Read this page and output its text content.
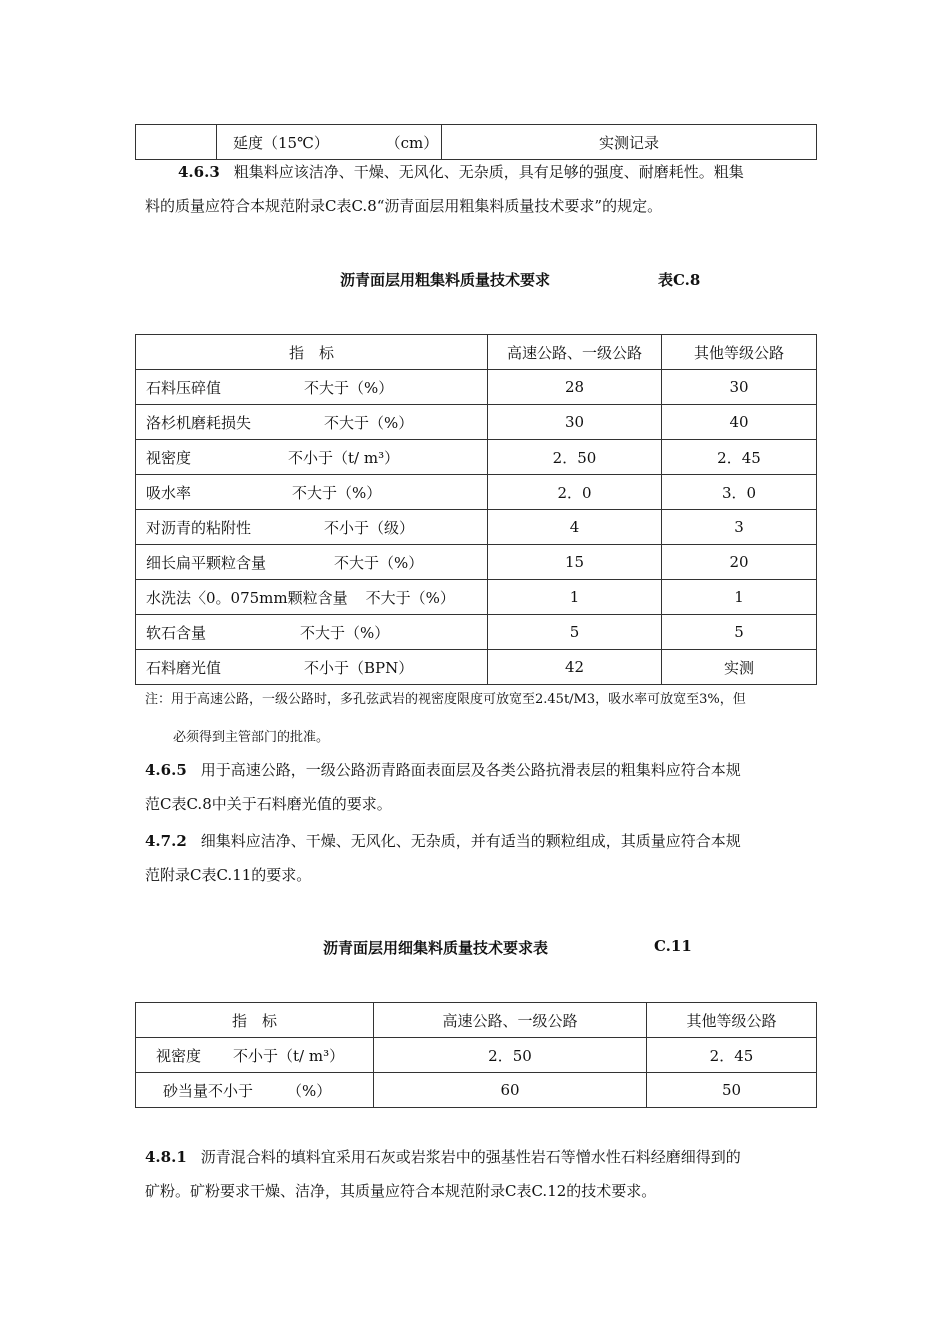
	延度（15℃）	（cm）	实测记录
4.6.3 粗集料应该洁净、干燥、无风化、无杂质，具有足够的强度、耐磨耗性。粗集
料的质量应符合本规范附录C表C.8“沥青面层用粗集料质量技术要求”的规定。
沥青面层用粗集料质量技术要求	表C.8
指　标	高速公路、一级公路	其他等级公路
石料压碎值 不大于（%）	28	30
洛杉机磨耗损失 不大于（%）	30	40
视密度 不小于（t/ m³）	2．50	2．45
吸水率 不大于（%）	2．0	3．0
对沥青的粘附性 不小于（级）	4	3
细长扁平颗粒含量 不大于（%）	15	20
水洗法〈0。075mm颗粒含量 不大于（%）	1	1
软石含量 不大于（%）	5	5
石料磨光值 不小于（BPN）	42	实测
注：用于高速公路，一级公路时，多孔弦武岩的视密度限度可放宽至2.45t/M3，吸水率可放宽至3%，但
必须得到主管部门的批准。
4.6.5 用于高速公路，一级公路沥青路面表面层及各类公路抗滑表层的粗集料应符合本规
范C表C.8中关于石料磨光值的要求。
4.7.2 细集料应洁净、干燥、无风化、无杂质，并有适当的颗粒组成，其质量应符合本规
范附录C表C.11的要求。
沥青面层用细集料质量技术要求表	C.11
指　标	高速公路、一级公路	其他等级公路
视密度 不小于（t/ m³）	2．50	2．45
砂当量不小于 （%）	60	50
4.8.1 沥青混合料的填料宜采用石灰或岩浆岩中的强基性岩石等憎水性石料经磨细得到的
矿粉。矿粉要求干燥、洁净，其质量应符合本规范附录C表C.12的技术要求。
